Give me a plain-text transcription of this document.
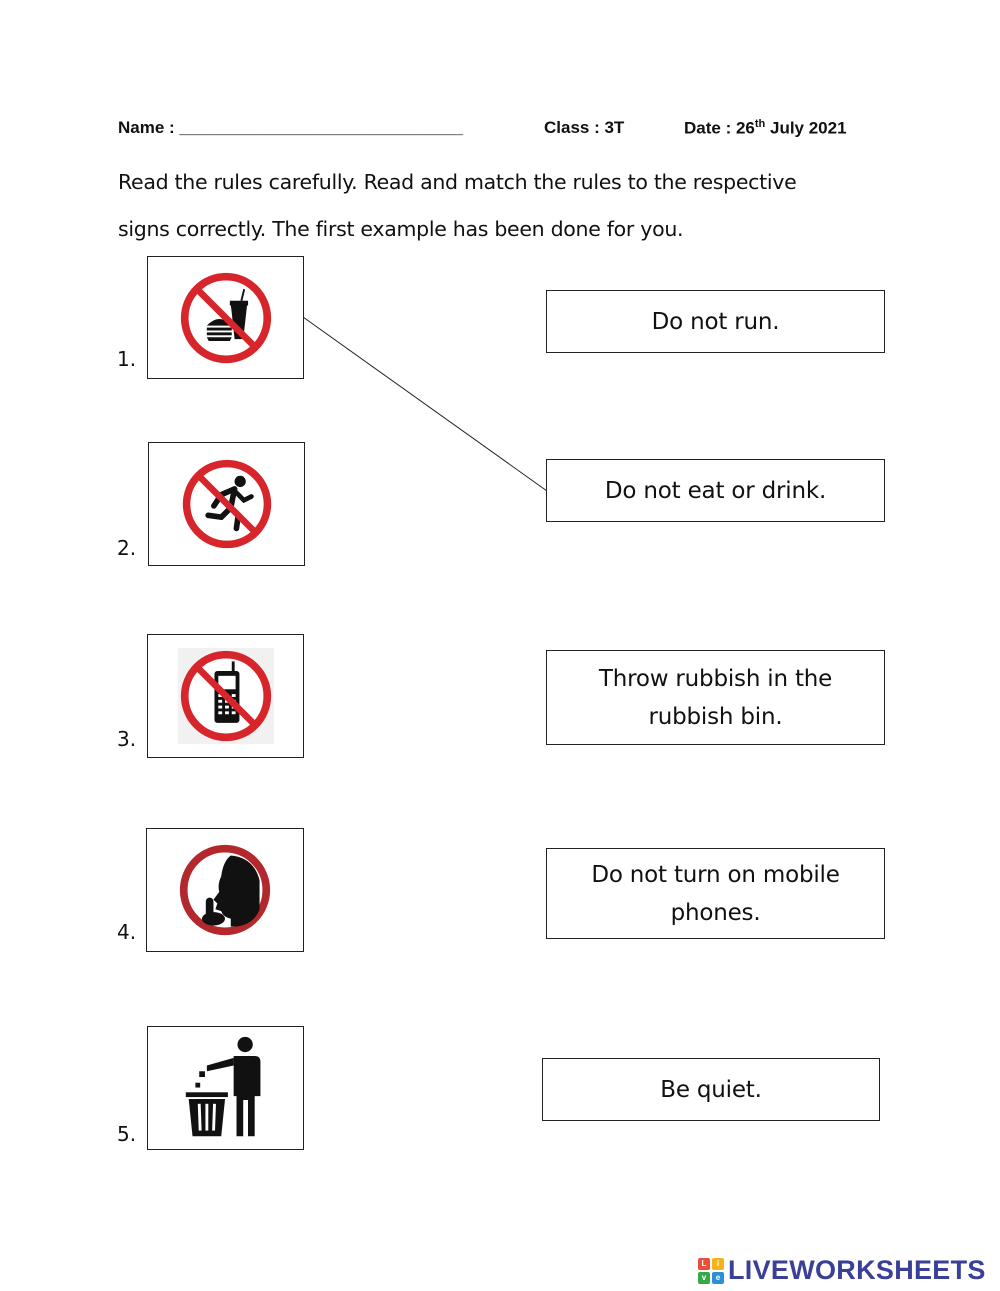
Name : ______________________________	Class : 3T	Date : 26th July 2021
Read the rules carefully. Read and match the rules to the respective
signs correctly. The first example has been done for you.
1.
2.
3.
4.
5.
Do not run.
Do not eat or drink.
Throw rubbish in the
rubbish bin.
Do not turn on mobile
phones.
Be quiet.
L	i
v	e LIVEWORKSHEETS
